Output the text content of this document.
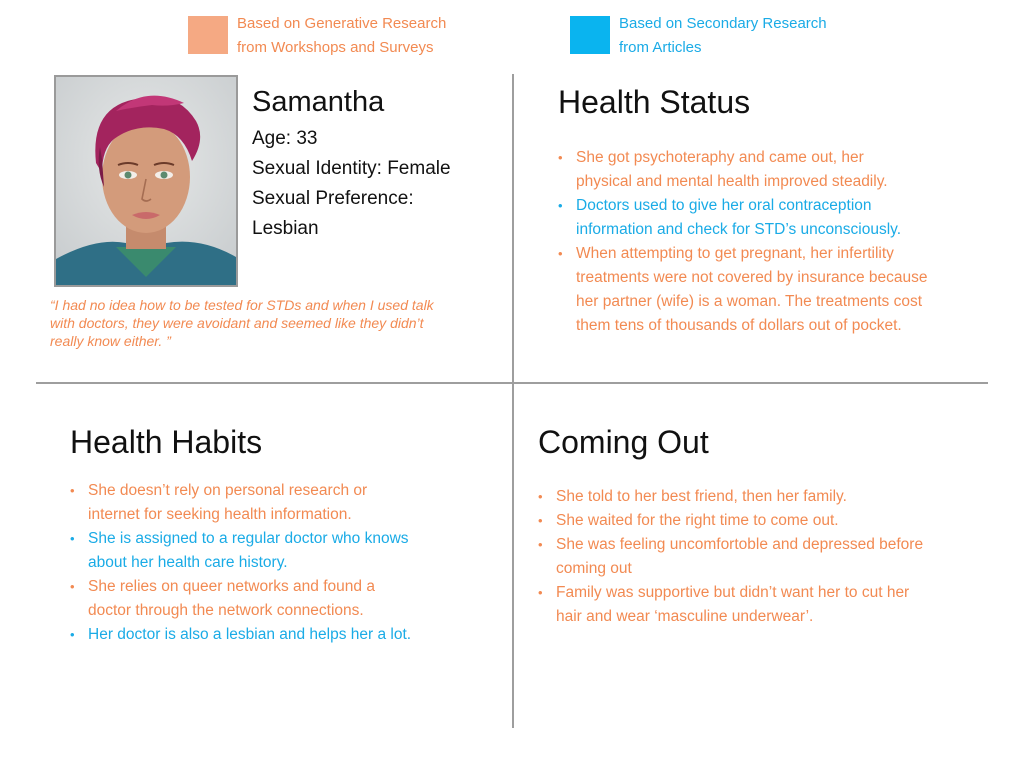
Based on Generative Research
from Workshops and Surveys
Based on Secondary Research
from Articles
Samantha
Age: 33
Sexual Identity: Female
Sexual Preference:
Lesbian
“I had no idea how to be tested for STDs and when I used talk
with doctors, they were avoidant and seemed like they didn’t
really know either. ”
Health Status
• She got psychoteraphy and came out, her
physical and mental health improved steadily.
• Doctors used to give her oral contraception
information and check for STD’s unconsciously.
• When attempting to get pregnant, her infertility
treatments were not covered by insurance because
her partner (wife) is a woman. The treatments cost
them tens of thousands of dollars out of pocket.
Health Habits
• She doesn’t rely on personal research or
internet for seeking health information.
• She is assigned to a regular doctor who knows
about her health care history.
• She relies on queer networks and found a
doctor through the network connections.
• Her doctor is also a lesbian and helps her a lot.
Coming Out
• She told to her best friend, then her family.
• She waited for the right time to come out.
• She was feeling uncomfortoble and depressed before
coming out
• Family was supportive but didn’t want her to cut her
hair and wear ‘masculine underwear’.
